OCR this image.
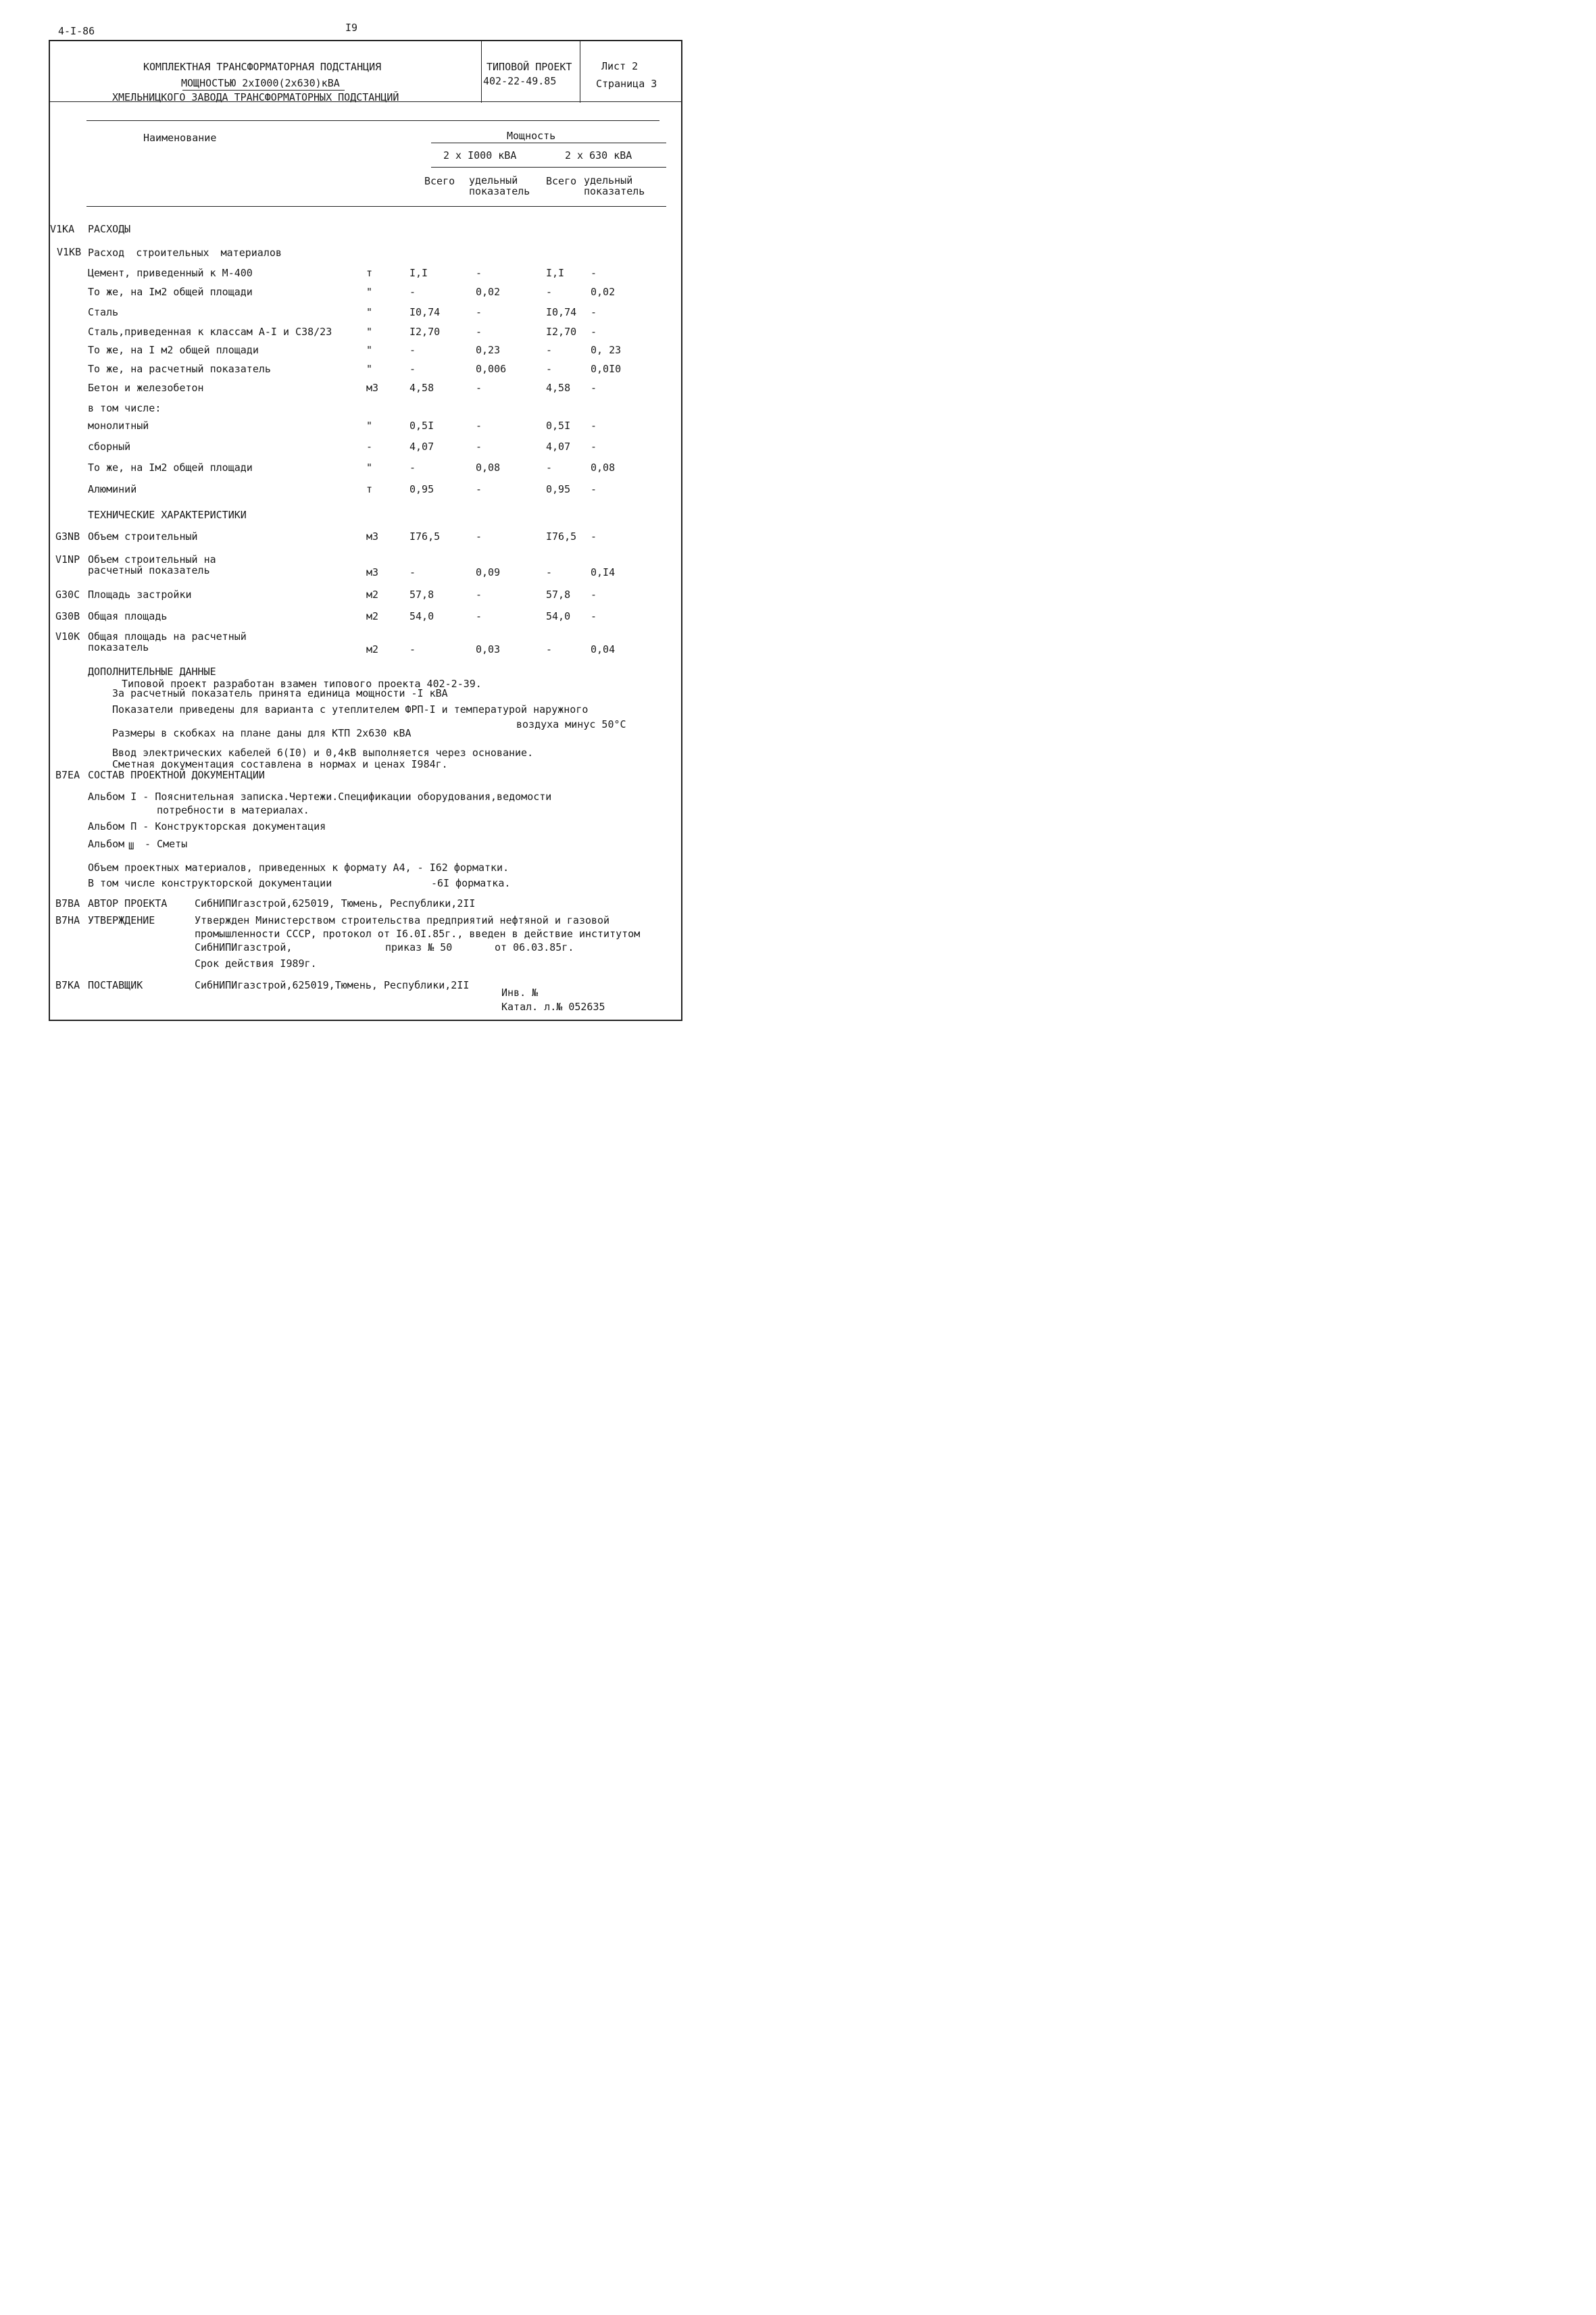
4-I-86	I9
КОМПЛЕКТНАЯ ТРАНСФОРМАТОРНАЯ ПОДСТАНЦИЯ
МОЩНОСТЬЮ 2хI000(2х630)кВА
ХМЕЛЬНИЦКОГО ЗАВОДА ТРАНСФОРМАТОРНЫХ ПОДСТАНЦИЙ
ТИПОВОЙ ПРОЕКТ
402-22-49.85
Лист 2
Страница 3
Наименование	Мощность
2 х I000 кВА	2 х 630 кВА
Всего удельный
показатель
Всего удельный
показатель
V1КА РАСХОДЫ
V1КВ Расход строительных материалов
Цемент, приведенный к М-400	т	I,I	-	I,I	-
То же, на Iм2 общей площади	"	-	0,02	-	0,02
Сталь	"	I0,74	-	I0,74 -
Сталь,приведенная к классам А-I и С38/23	"	I2,70	-	I2,70 -
То же, на I м2 общей площади	"	-	0,23	-	0, 23
То же, на расчетный показатель	"	-	0,006	-	0,0I0
Бетон и железобетон	м3	4,58	-	4,58 -
в том числе:
монолитный	"	0,5I	-	0,5I -
сборный	-	4,07	-	4,07 -
То же, на Iм2 общей площади	"	-	0,08	-	0,08
Алюминий	т	0,95	-	0,95 -
ТЕХНИЧЕСКИЕ ХАРАКТЕРИСТИКИ
G3NВ Объем строительный	м3	I76,5	-	I76,5 -
V1NP Объем строительный на
м3	-	0,09	-	0,I4
расчетный показатель
G30С Площадь застройки	м2	57,8	-	57,8 -
G30В Общая площадь	м2	54,0	-	54,0 -
V10К Общая площадь на расчетный
м2	-	0,03	-	0,04
показатель
ДОПОЛНИТЕЛЬНЫЕ ДАННЫЕ
Типовой проект разработан взамен типового проекта 402-2-39.
За расчетный показатель принята единица мощности -I кВА
Показатели приведены для варианта с утеплителем ФРП-I и температурой наружного
воздуха минус 50°С
Размеры в скобках на плане даны для КТП 2х630 кВА
Ввод электрических кабелей 6(I0) и 0,4кВ выполняется через основание.
Сметная документация составлена в нормах и ценах I984г.
В7ЕА СОСТАВ ПРОЕКТНОЙ ДОКУМЕНТАЦИИ
Альбом I - Пояснительная записка.Чертежи.Спецификации оборудования,ведомости
потребности в материалах.
Альбом П - Конструкторская документация
Альбом Ш - Сметы
Объем проектных материалов, приведенных к формату А4, - I62 форматки.
В том числе конструкторской документации	-6I форматка.
В7ВА АВТОР ПРОЕКТА	СибНИПИгазстрой,625019, Тюмень, Республики,2II
В7НА УТВЕРЖДЕНИЕ	Утвержден Министерством строительства предприятий нефтяной и газовой
промышленности СССР, протокол от I6.0I.85г., введен в действие институтом
СибНИПИгазстрой,	приказ № 50	от 06.03.85г.
Срок действия I989г.
В7КА ПОСТАВЩИК	СибНИПИгазстрой,625019,Тюмень, Республики,2II
Инв. №
Катал. л.№ 052635
